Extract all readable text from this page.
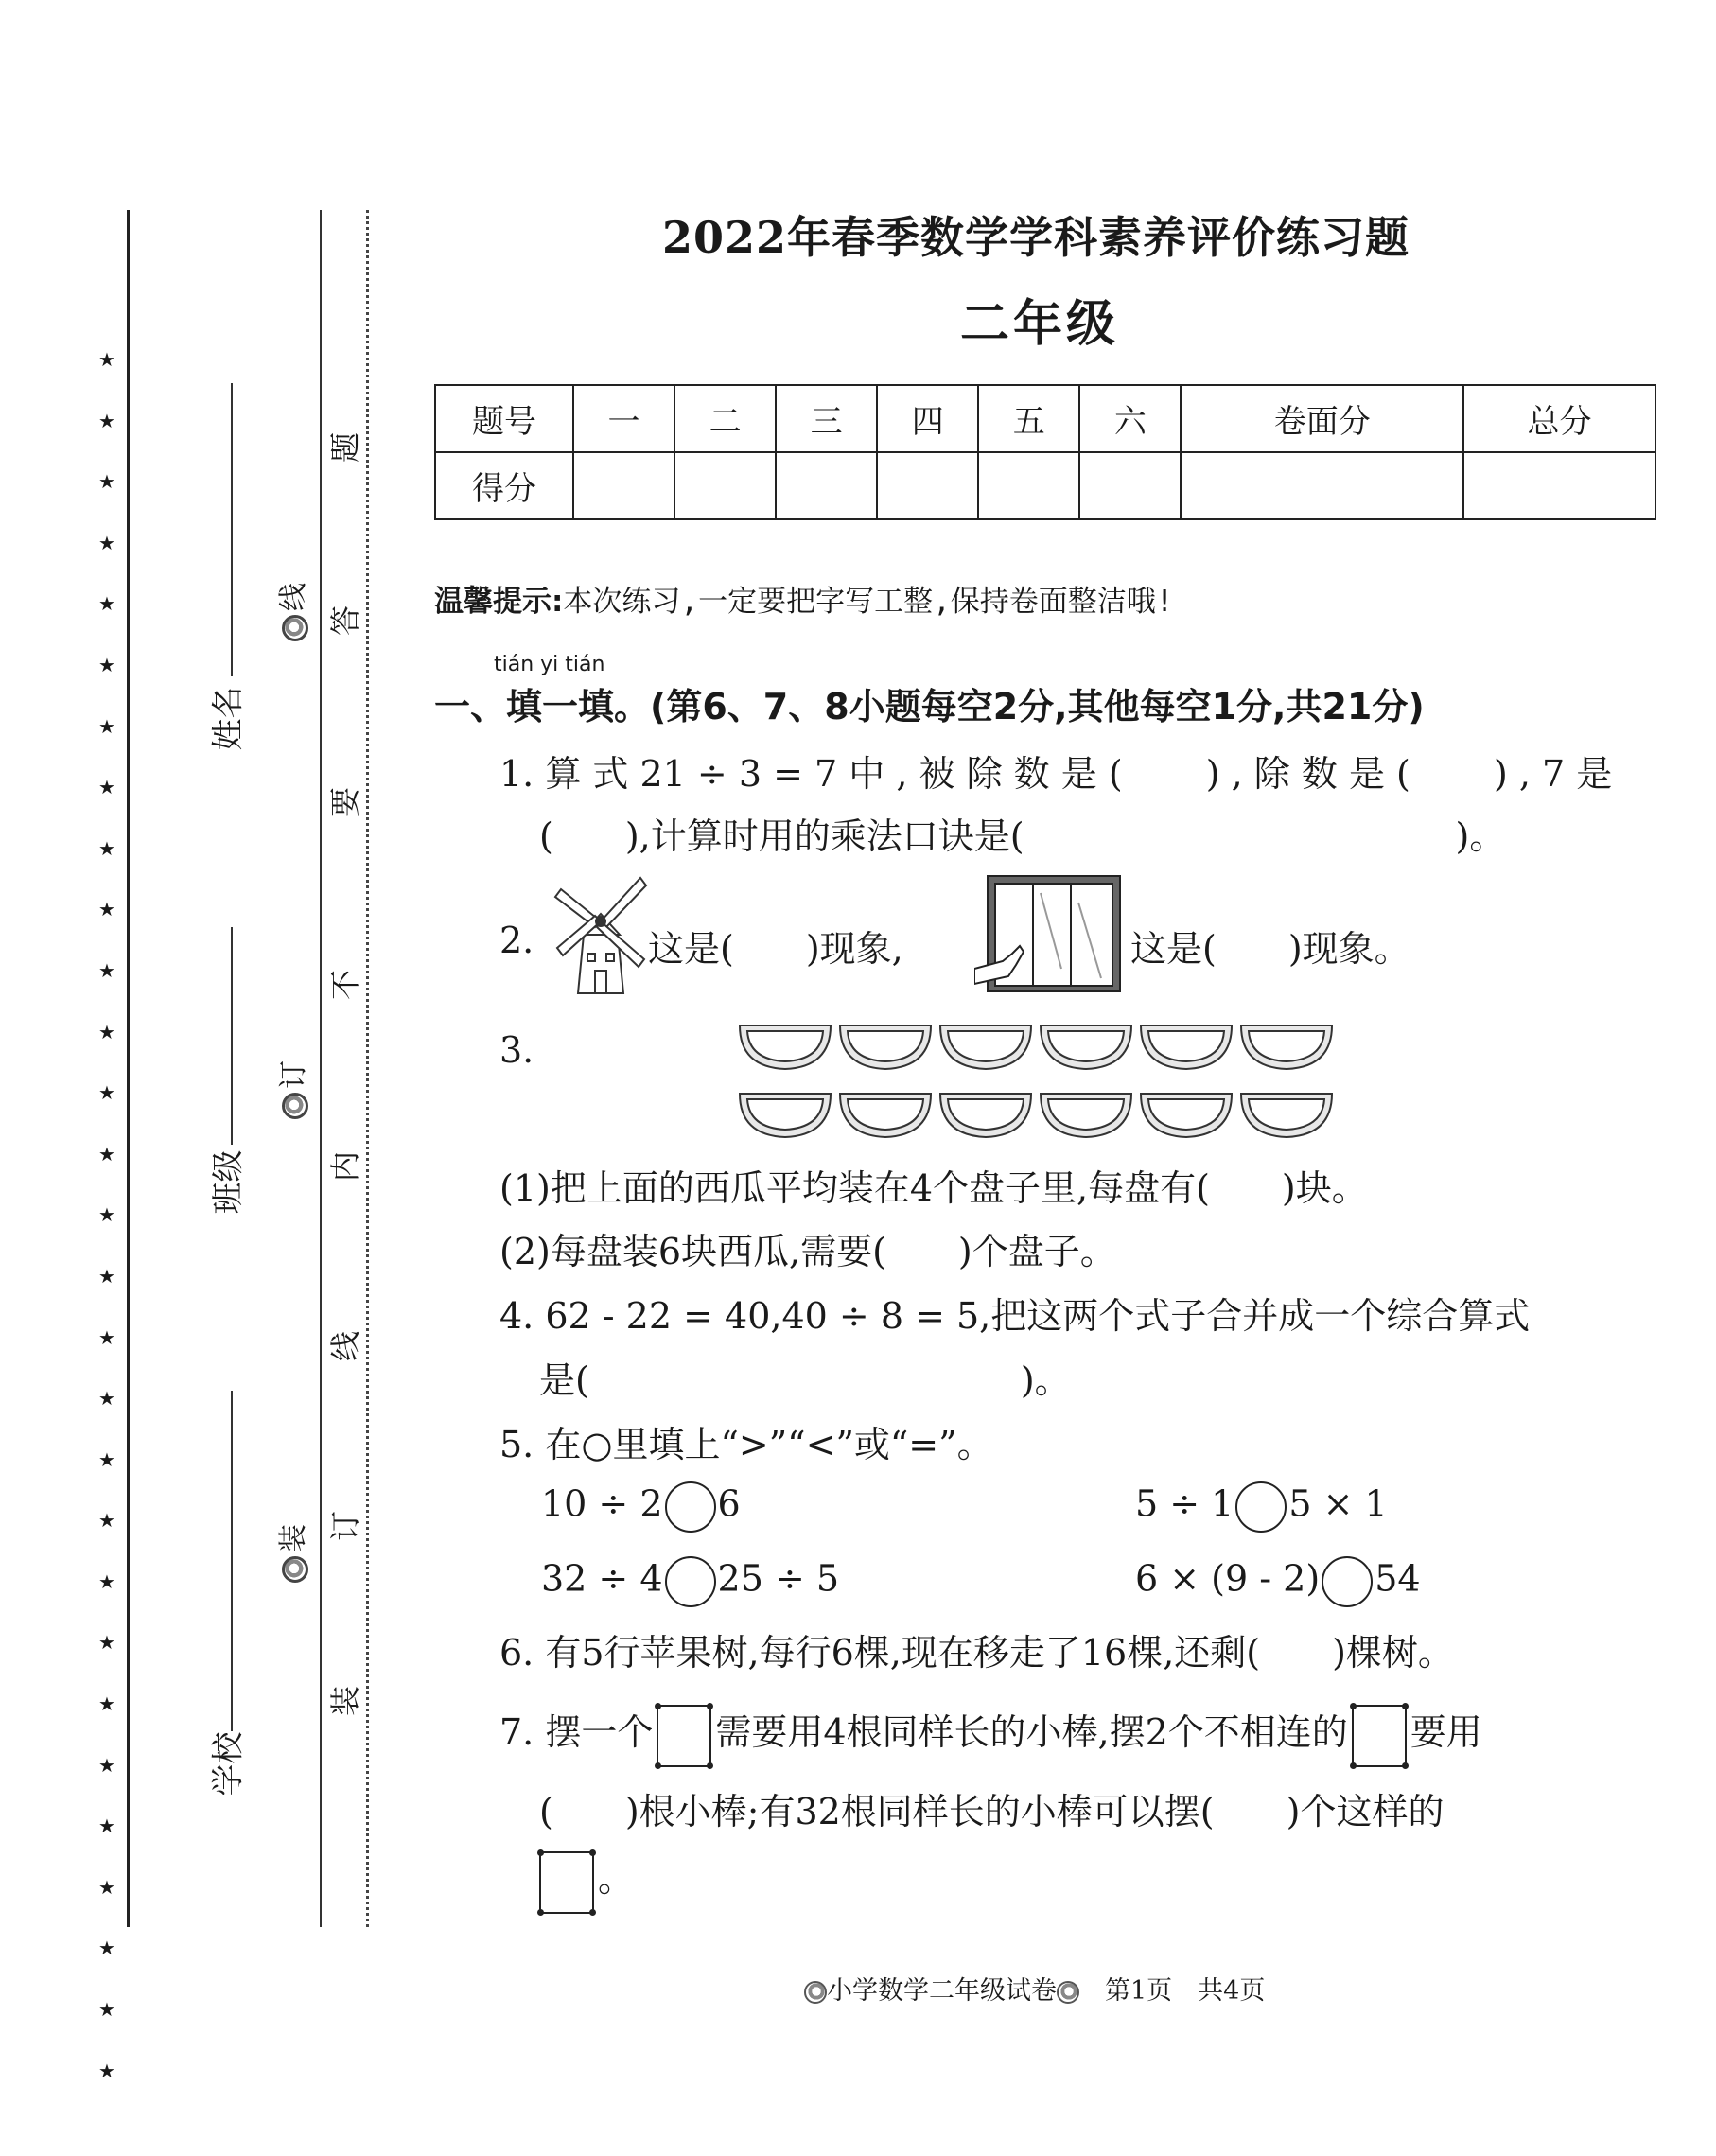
★
★
★
★
★
★
★
★
★
★
★
★
★
★
★
★
★
★
★
★
★
★
★
★
★
★
★
★
★
姓名
班级
学校
线
订
装
题
答
要
不
内
线
订
装
2022年春季数学学科素养评价练习题
二年级
题号	一	二	三	四	五	六	卷面分	总分
得分								
温馨提示:本次练习,一定要把字写工整,保持卷面整洁哦!
tián yi tián
一、填一填。(第6、7、8小题每空2分,其他每空1分,共21分)
1. 算 式 21 ÷ 3 = 7 中 , 被 除 数 是 (　　 ) , 除 数 是 (　　 ) , 7 是
(　　),计算时用的乘法口诀是(　　　　　　　　　　　　)。
2.	这是(　　)现象,	这是(　　)现象。
3.
(1)把上面的西瓜平均装在4个盘子里,每盘有(　　)块。
(2)每盘装6块西瓜,需要(　　)个盘子。
4. 62 - 22 = 40,40 ÷ 8 = 5,把这两个式子合并成一个综合算式
是(　　　　　　　　　　　　)。
5. 在○里填上“>”“<”或“=”。
10 ÷ 2 6	5 ÷ 1 5 × 1
32 ÷ 4 25 ÷ 5	6 × (9 - 2) 54
6. 有5行苹果树,每行6棵,现在移走了16棵,还剩(　　)棵树。
7. 摆一个 需要用4根同样长的小棒,摆2个不相连的 要用
(　　)根小棒;有32根同样长的小棒可以摆(　　)个这样的
。
小学数学二年级试卷　 第1页　共4页
